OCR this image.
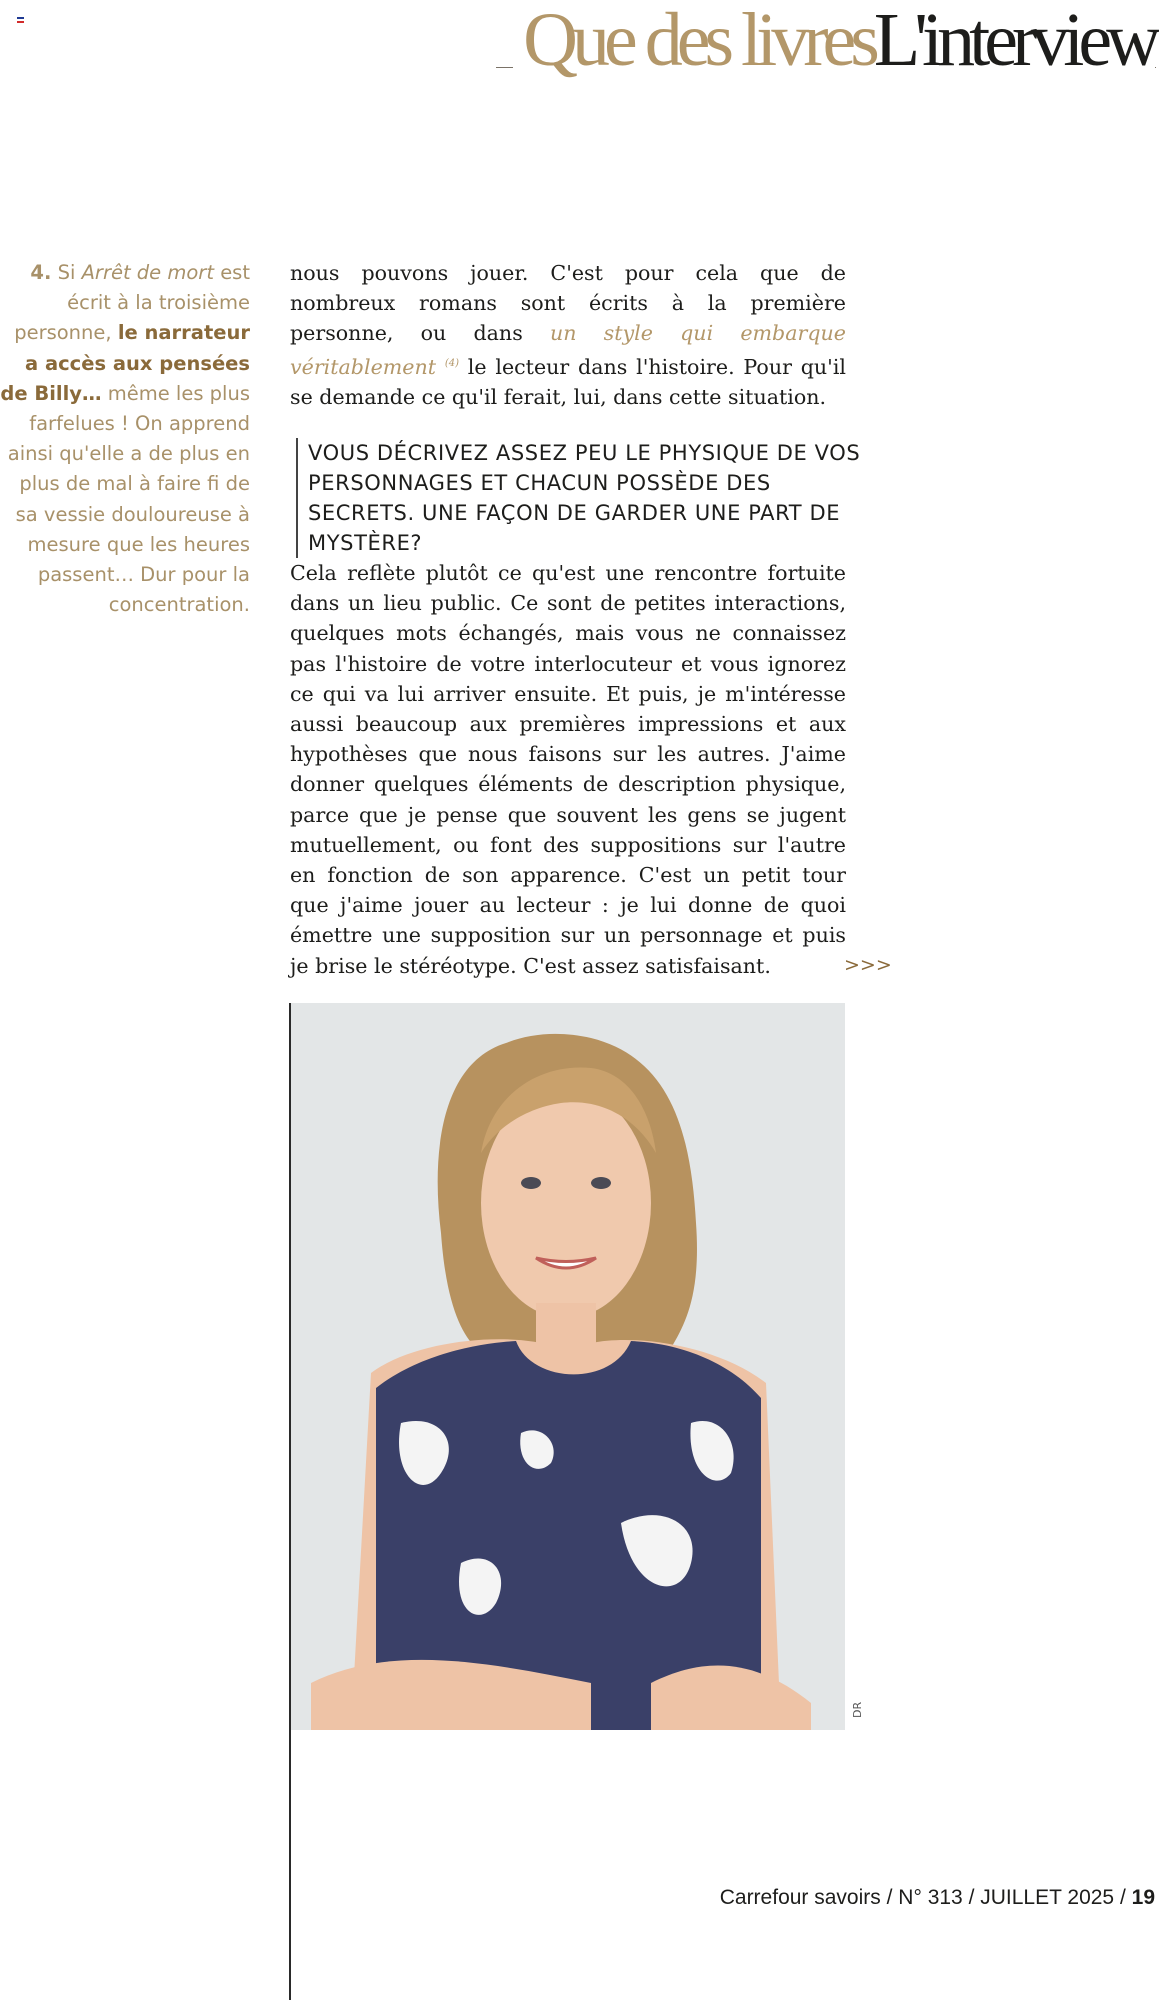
Que des livresL'interview
4. Si Arrêt de mort est écrit à la troisième personne, le narrateur a accès aux pensées de Billy… même les plus farfelues ! On apprend ainsi qu'elle a de plus en plus de mal à faire fi de sa vessie douloureuse à mesure que les heures passent… Dur pour la concentration.
nous pouvons jouer. C'est pour cela que de nombreux romans sont écrits à la première personne, ou dans un style qui embarque véritablement $^{(4)}$ le lecteur dans l'histoire. Pour qu'il se demande ce qu'il ferait, lui, dans cette situation.
VOUS DÉCRIVEZ ASSEZ PEU LE PHYSIQUE DE VOS PERSONNAGES ET CHACUN POSSÈDE DES SECRETS. UNE FAÇON DE GARDER UNE PART DE MYSTÈRE?
Cela reflète plutôt ce qu'est une rencontre fortuite dans un lieu public. Ce sont de petites interactions, quelques mots échangés, mais vous ne connaissez pas l'histoire de votre interlocuteur et vous ignorez ce qui va lui arriver ensuite. Et puis, je m'intéresse aussi beaucoup aux premières impressions et aux hypothèses que nous faisons sur les autres. J'aime donner quelques éléments de description physique, parce que je pense que souvent les gens se jugent mutuellement, ou font des suppositions sur l'autre en fonction de son apparence. C'est un petit tour que j'aime jouer au lecteur : je lui donne de quoi émettre une supposition sur un personnage et puis je brise le stéréotype. C'est assez satisfaisant.	>>>
DR
Carrefour savoirs / N° 313 / JUILLET 2025 / 19
